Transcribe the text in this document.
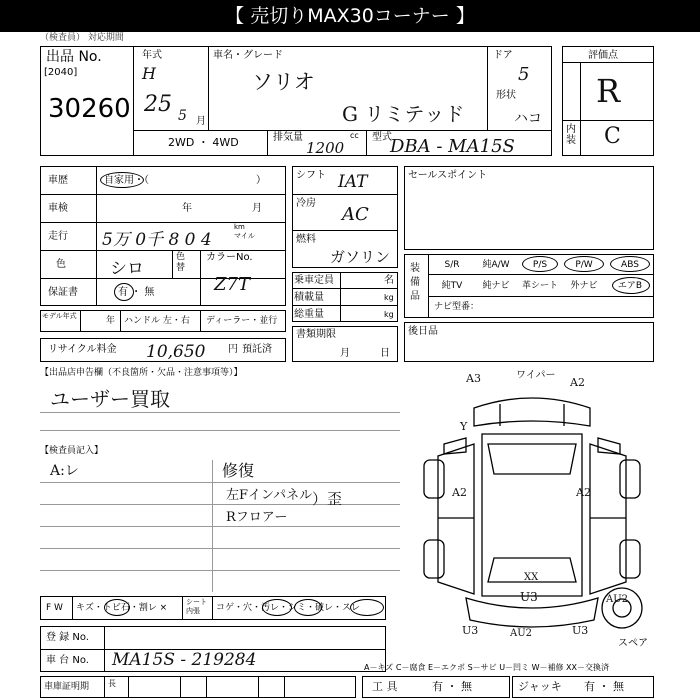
【 売切りMAX30コーナー 】
（検査員） 対応期間
出品 No.
[2040]
30260
年式
H
25 5 月
車名・グレード
ソリオ
G リミテッド
ドア
5
形状
ハコ
2WD ・ 4WD	排気量	cc
1200
型式
DBA - MA15S
評価点
R
内装 C
車歴	自家用・（	）
車検	年	月
走行 5万 0千 8 0 4
km
マイル
色	シロ
色替
カラーNo.
Z7T
保証書	有 ・ 無
モデル年式	年 ハンドル 左・右 ディーラー・並行
リサイクル料金 10,650 円 預託済
シフト IAT
冷房
AC
燃料
ガソリン
乗車定員	名
積載量	kg
総重量	kg
書類期限
月	日
セールスポイント
装備品
S/R	純A/W	P/S	P/W	ABS
純TV	純ナビ	革シート	外ナビ	エアB
ナビ型番：
後日品
【出品店申告欄（不良箇所・欠品・注意事項等）】
ユーザー買取
【検査員記入】
A:レ	修復
左Fインパネル
Rフロアー
）歪
F W キズ・トビ石・割レ ×
シート
内張	コゲ・穴・汚レ・シミ・破レ・スレ
登 録 No.
車 台 No. MA15S - 219284
車庫証明期 長
A－キズ C－腐食 E－エクボ S－サビ U－凹ミ W－補修 XX－交換済
工 具	有 ・ 無	ジャッキ 有 ・ 無
A3	ワイパー
A2
Y
A2	A2
XX
U3	AU2
U3	AU2	U3
スペア
